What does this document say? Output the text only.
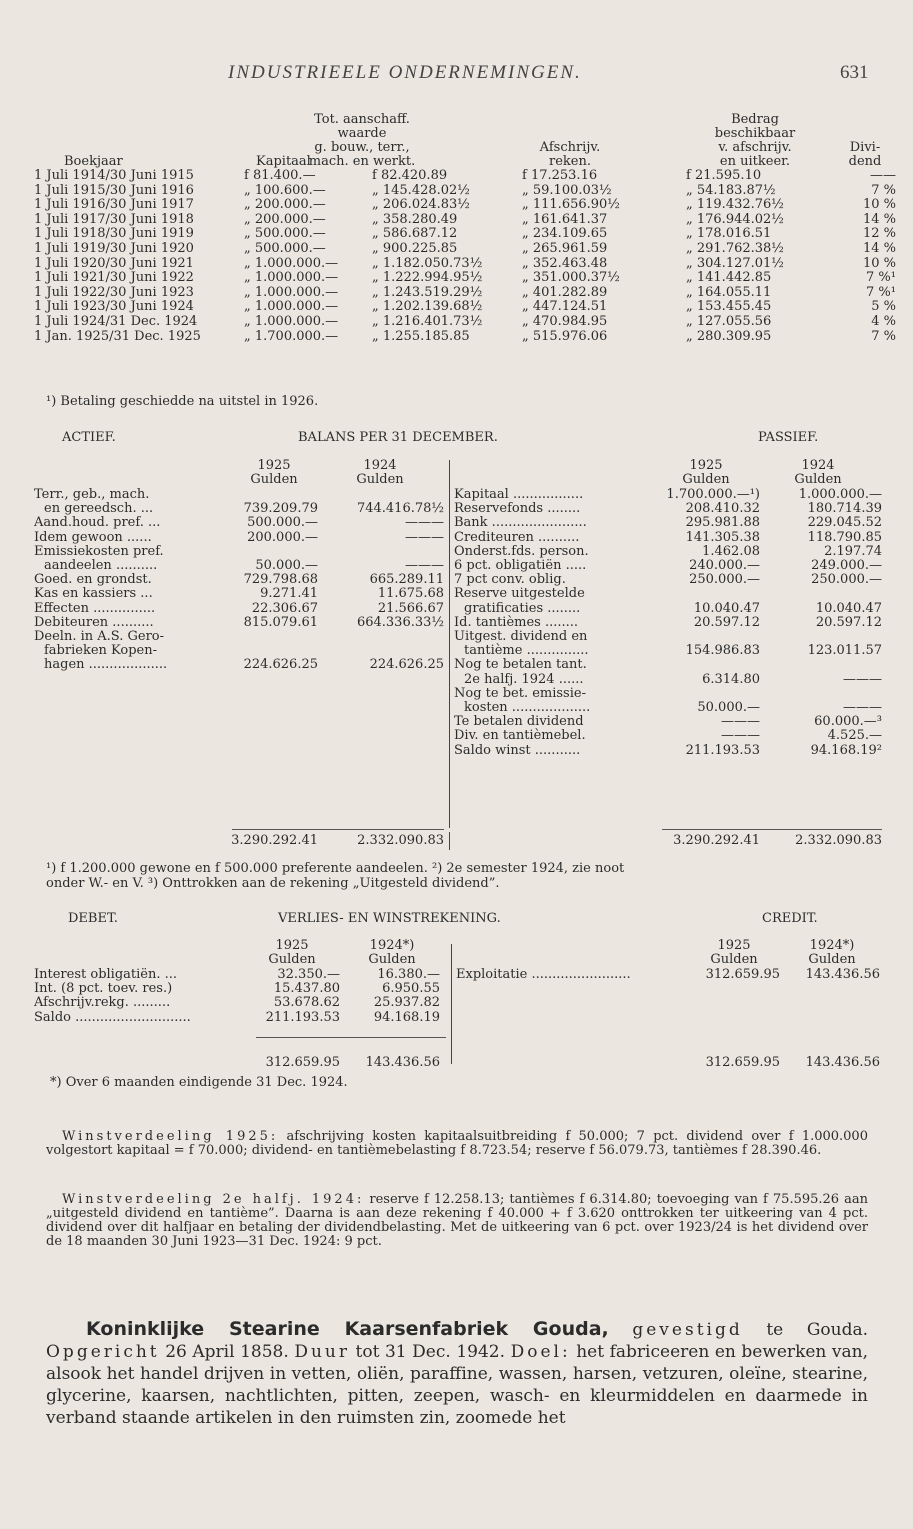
INDUSTRIEELE ONDERNEMINGEN.	631
Tot. aanschaff.
waarde
g. bouw., terr.,
mach. en werkt.
Afschrijv.
reken.
Bedrag
beschikbaar
v. afschrijv.
en uitkeer.
Divi-
dend
Boekjaar	Kapitaal
1 Juli 1914/30 Juni 1915	f 81.400.—	f 82.420.89	f 17.253.16	f 21.595.10	——
1 Juli 1915/30 Juni 1916	„ 100.600.—	„ 145.428.02½	„ 59.100.03½	„ 54.183.87½	7 %
1 Juli 1916/30 Juni 1917	„ 200.000.—	„ 206.024.83½	„ 111.656.90½	„ 119.432.76½	10 %
1 Juli 1917/30 Juni 1918	„ 200.000.—	„ 358.280.49	„ 161.641.37	„ 176.944.02½	14 %
1 Juli 1918/30 Juni 1919	„ 500.000.—	„ 586.687.12	„ 234.109.65	„ 178.016.51	12 %
1 Juli 1919/30 Juni 1920	„ 500.000.—	„ 900.225.85	„ 265.961.59	„ 291.762.38½	14 %
1 Juli 1920/30 Juni 1921	„ 1.000.000.—	„ 1.182.050.73½	„ 352.463.48	„ 304.127.01½	10 %
1 Juli 1921/30 Juni 1922	„ 1.000.000.—	„ 1.222.994.95½	„ 351.000.37½	„ 141.442.85	7 %¹
1 Juli 1922/30 Juni 1923	„ 1.000.000.—	„ 1.243.519.29½	„ 401.282.89	„ 164.055.11	7 %¹
1 Juli 1923/30 Juni 1924	„ 1.000.000.—	„ 1.202.139.68½	„ 447.124.51	„ 153.455.45	5 %
1 Juli 1924/31 Dec. 1924	„ 1.000.000.—	„ 1.216.401.73½	„ 470.984.95	„ 127.055.56	4 %
1 Jan. 1925/31 Dec. 1925	„ 1.700.000.—	„ 1.255.185.85	„ 515.976.06	„ 280.309.95	7 %
¹) Betaling geschiedde na uitstel in 1926.
ACTIEF.	BALANS PER 31 DECEMBER.	PASSIEF.
1925	1924
Gulden	Gulden
1925	1924
Gulden	Gulden
Terr., geb., mach.
en gereedsch. ...	739.209.79	744.416.78½
Aand.houd. pref. ...	500.000.—	———
Idem gewoon ......	200.000.—	———
Emissiekosten pref.
aandeelen ..........	50.000.—	———
Goed. en grondst.	729.798.68	665.289.11
Kas en kassiers ...	9.271.41	11.675.68
Effecten ...............	22.306.67	21.566.67
Debiteuren ..........	815.079.61	664.336.33½
Deeln. in A.S. Gero-
fabrieken Kopen-
hagen ...................	224.626.25	224.626.25
Kapitaal .................	1.700.000.—¹)	1.000.000.—
Reservefonds ........	208.410.32	180.714.39
Bank .......................	295.981.88	229.045.52
Crediteuren ..........	141.305.38	118.790.85
Onderst.fds. person.	1.462.08	2.197.74
6 pct. obligatiën .....	240.000.—	249.000.—
7 pct conv. oblig.	250.000.—	250.000.—
Reserve uitgestelde
gratificaties ........	10.040.47	10.040.47
Id. tantièmes ........	20.597.12	20.597.12
Uitgest. dividend en
tantième ...............	154.986.83	123.011.57
Nog te betalen tant.
2e halfj. 1924 ......	6.314.80	———
Nog te bet. emissie-
kosten ...................	50.000.—	———
Te betalen dividend	———	60.000.—³
Div. en tantièmebel.	———	4.525.—
Saldo winst ...........	211.193.53	94.168.19²
3.290.292.41	2.332.090.83	3.290.292.41	2.332.090.83
¹) f 1.200.000 gewone en f 500.000 preferente aandeelen. ²) 2e semester 1924, zie noot
onder W.- en V. ³) Onttrokken aan de rekening „Uitgesteld dividend”.
DEBET.	VERLIES- EN WINSTREKENING.	CREDIT.
1925	1924*)
Gulden	Gulden
1925	1924*)
Gulden	Gulden
Interest obligatiën. ...	32.350.—	16.380.—
Int. (8 pct. toev. res.)	15.437.80	6.950.55
Afschrijv.rekg. .........	53.678.62	25.937.82
Saldo ............................	211.193.53	94.168.19
Exploitatie ........................	312.659.95	143.436.56
312.659.95	143.436.56	312.659.95	143.436.56
*) Over 6 maanden eindigende 31 Dec. 1924.
Winstverdeeling 1925: afschrijving kosten kapitaalsuitbreiding f 50.000; 7 pct. dividend over f 1.000.000 volgestort kapitaal = f 70.000; dividend- en tantièmebelasting f 8.723.54; reserve f 56.079.73, tantièmes f 28.390.46.
Winstverdeeling 2e halfj. 1924: reserve f 12.258.13; tantièmes f 6.314.80; toevoeging van f 75.595.26 aan „uitgesteld dividend en tantième”. Daarna is aan deze rekening f 40.000 + f 3.620 onttrokken ter uitkeering van 4 pct. dividend over dit halfjaar en betaling der dividendbelasting. Met de uitkeering van 6 pct. over 1923/24 is het dividend over de 18 maanden 30 Juni 1923—31 Dec. 1924: 9 pct.
Koninklijke Stearine Kaarsenfabriek Gouda, gevestigd te Gouda. Opgericht 26 April 1858. Duur tot 31 Dec. 1942. Doel: het fabriceeren en bewerken van, alsook het handel drijven in vetten, oliën, paraffine, wassen, harsen, vetzuren, oleïne, stearine, glycerine, kaarsen, nachtlichten, pitten, zeepen, wasch- en kleurmiddelen en daarmede in verband staande artikelen in den ruimsten zin, zoomede het
